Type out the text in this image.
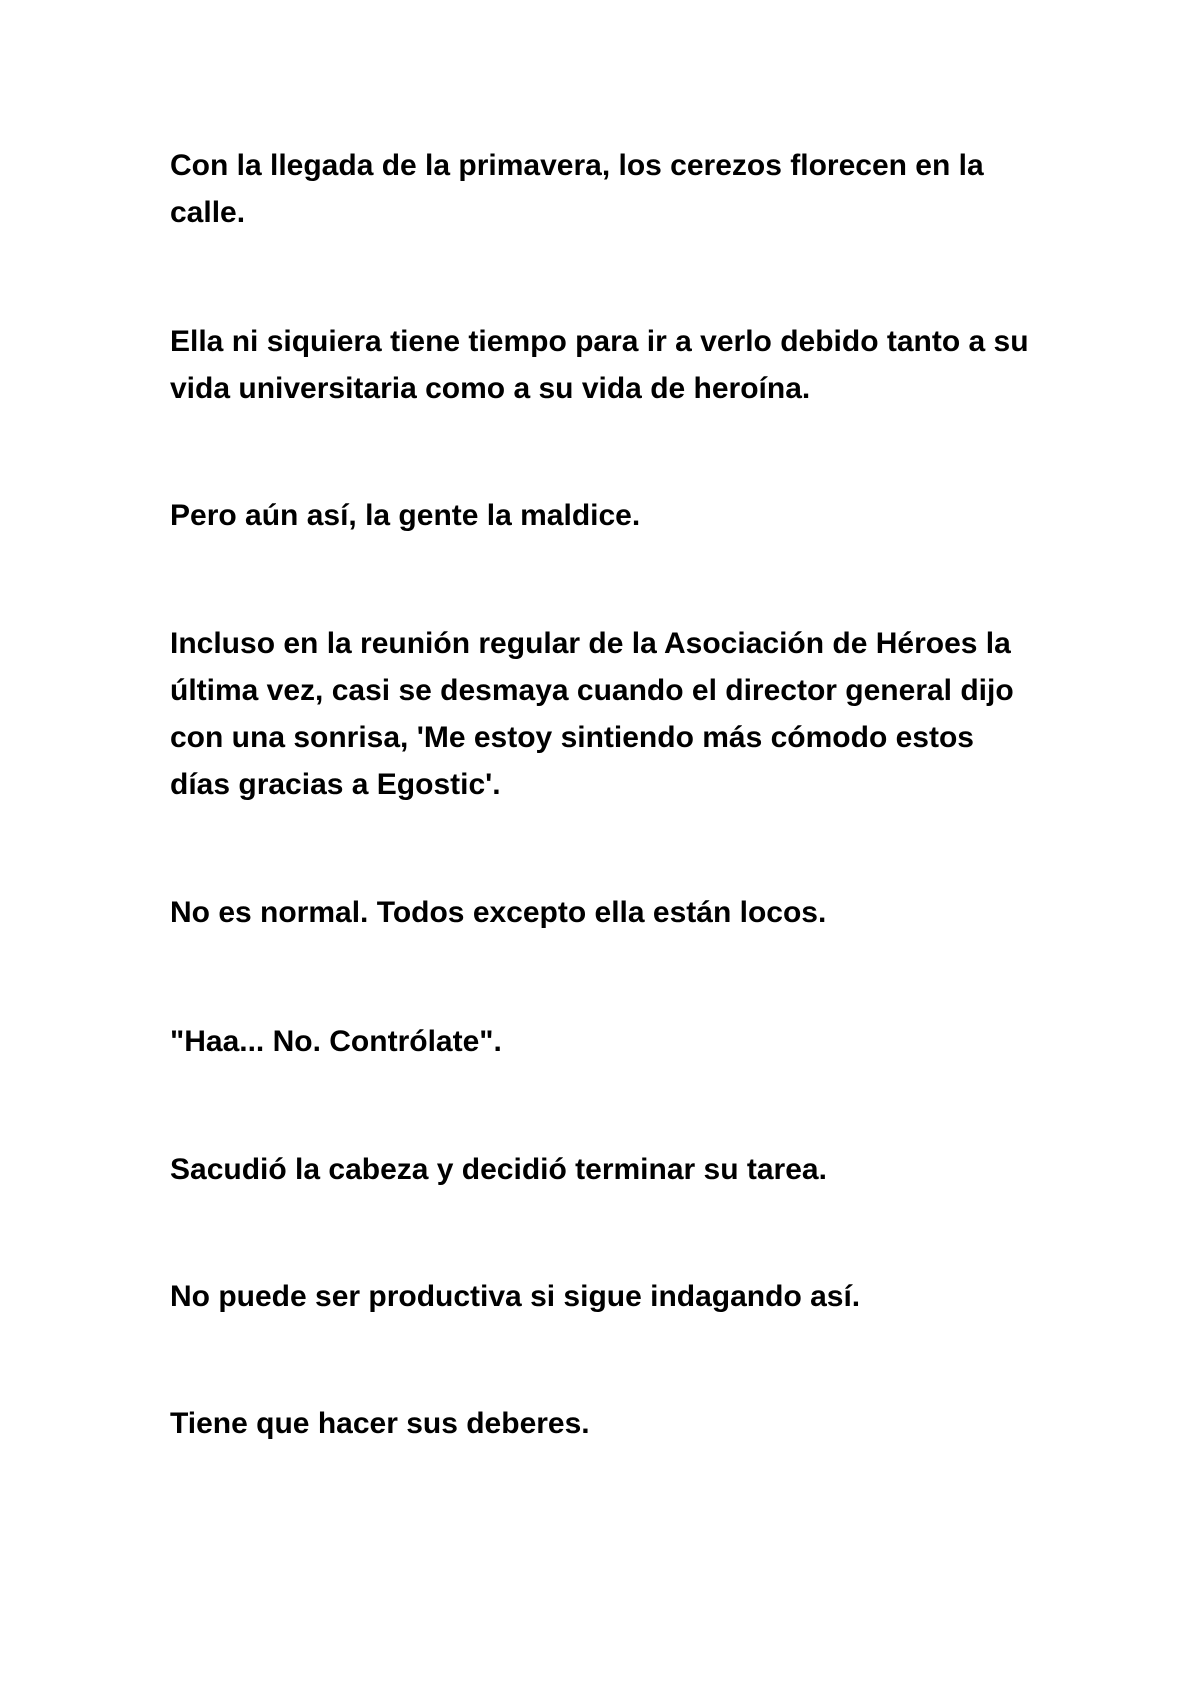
Con la llegada de la primavera, los cerezos florecen en la calle.

Ella ni siquiera tiene tiempo para ir a verlo debido tanto a su vida universitaria como a su vida de heroína.

Pero aún así, la gente la maldice.

Incluso en la reunión regular de la Asociación de Héroes la última vez, casi se desmaya cuando el director general dijo con una sonrisa, 'Me estoy sintiendo más cómodo estos días gracias a Egostic'.

No es normal. Todos excepto ella están locos.

"Haa... No. Contrólate".

Sacudió la cabeza y decidió terminar su tarea.

No puede ser productiva si sigue indagando así.

Tiene que hacer sus deberes.
